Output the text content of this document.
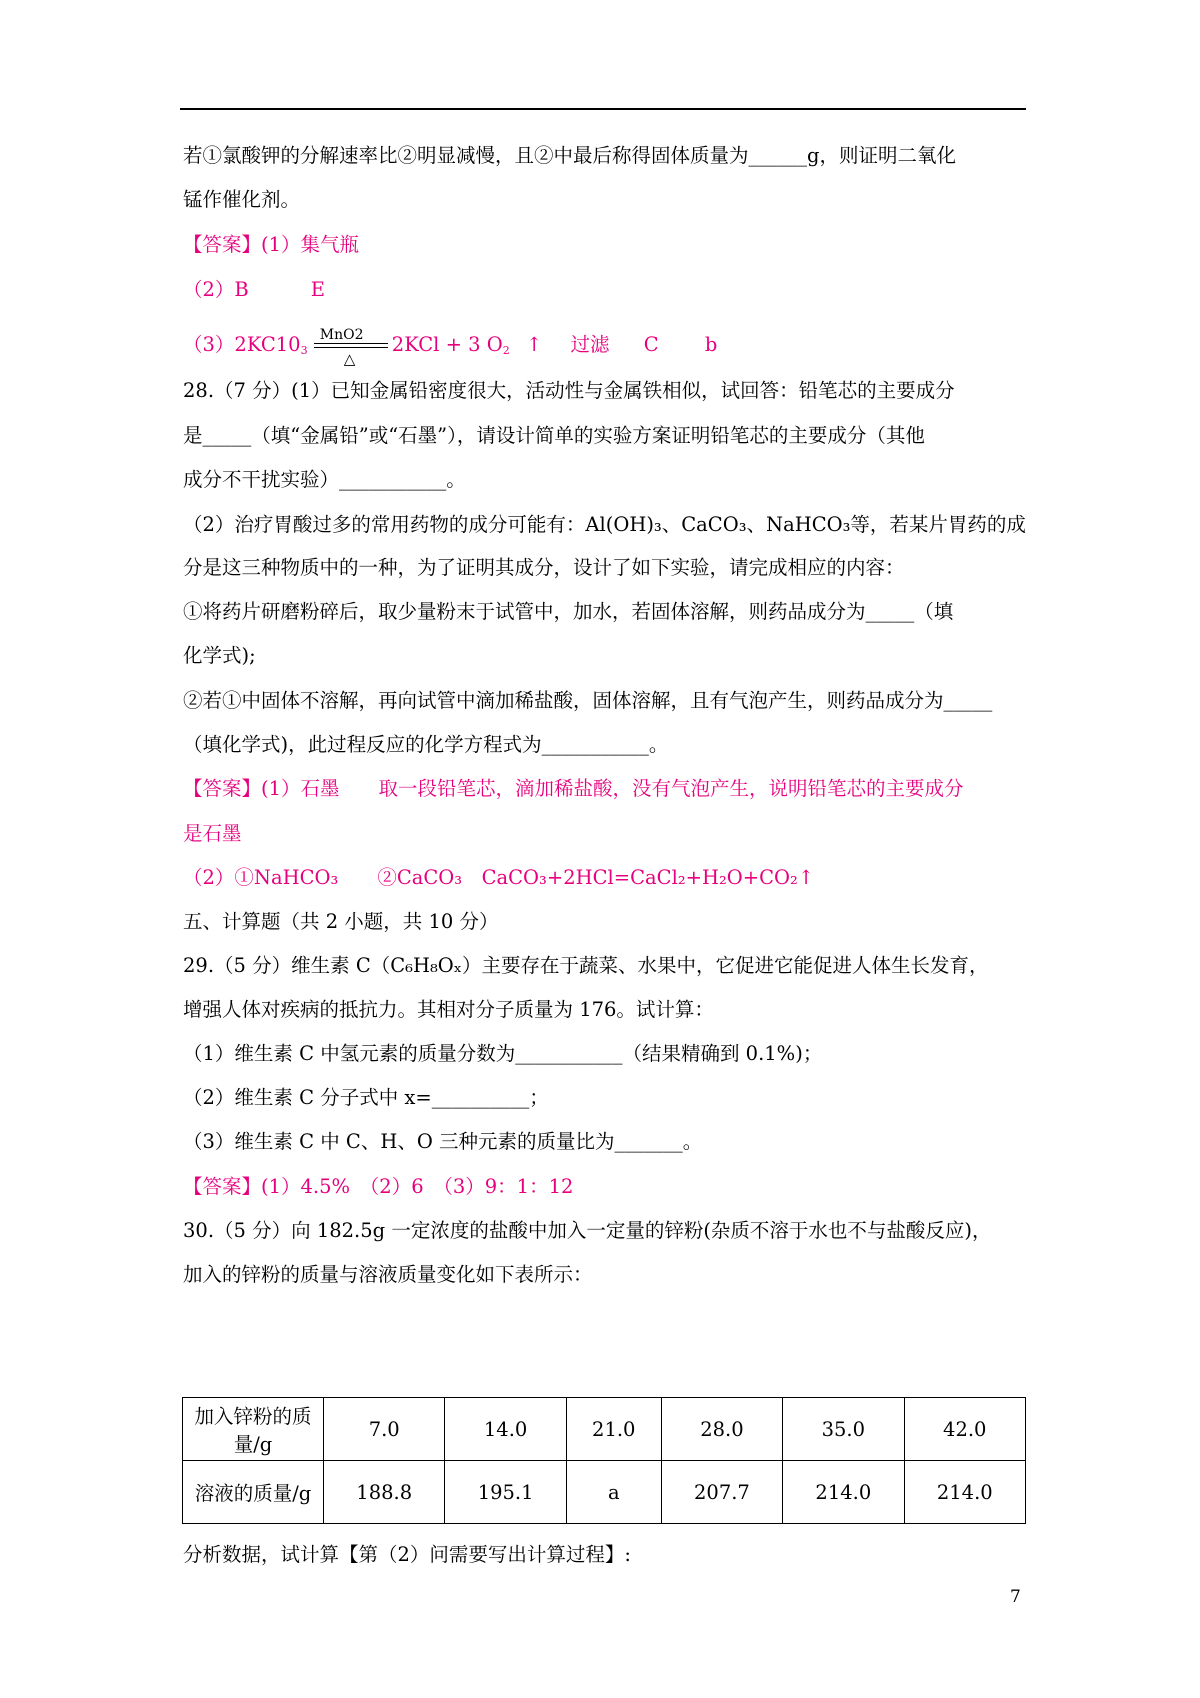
若①氯酸钾的分解速率比②明显减慢，且②中最后称得固体质量为______g，则证明二氧化
锰作催化剂。
【答案】(1）集气瓶
（2）B	E
$(3)2KC10_3$
MnO2
△
2KCl + 3 $O_2$ ↑ 过滤 C b
28.（7 分）(1）已知金属铅密度很大，活动性与金属铁相似，试回答：铅笔芯的主要成分
是_____（填“金属铅”或“石墨”），请设计简单的实验方案证明铅笔芯的主要成分（其他
成分不干扰实验）___________。
（2）治疗胃酸过多的常用药物的成分可能有：Al(OH)₃、CaCO₃、NaHCO₃等，若某片胃药的成
分是这三种物质中的一种，为了证明其成分，设计了如下实验，请完成相应的内容：
①将药片研磨粉碎后，取少量粉末于试管中，加水，若固体溶解，则药品成分为_____（填
化学式);
②若①中固体不溶解，再向试管中滴加稀盐酸，固体溶解，且有气泡产生，则药品成分为_____
（填化学式)，此过程反应的化学方程式为___________。
【答案】(1）石墨　　取一段铅笔芯，滴加稀盐酸，没有气泡产生，说明铅笔芯的主要成分
是石墨
（2）①NaHCO₃　　②CaCO₃　CaCO₃+2HCl=CaCl₂+H₂O+CO₂↑
五、计算题（共 2 小题，共 10 分）
29.（5 分）维生素 C（C₆H₈Oₓ）主要存在于蔬菜、水果中，它促进它能促进人体生长发育，
增强人体对疾病的抵抗力。其相对分子质量为 176。试计算：
（1）维生素 C 中氢元素的质量分数为___________（结果精确到 0.1%)；
（2）维生素 C 分子式中 x=__________；
（3）维生素 C 中 C、H、O 三种元素的质量比为_______。
【答案】(1）4.5%　（2）6　（3）9：1：12
30.（5 分）向 182.5g 一定浓度的盐酸中加入一定量的锌粉(杂质不溶于水也不与盐酸反应)，
加入的锌粉的质量与溶液质量变化如下表所示：
加入锌粉的质量/g	7.0	14.0	21.0	28.0	35.0	42.0
溶液的质量/g	188.8	195.1	a	207.7	214.0	214.0
分析数据，试计算【第（2）问需要写出计算过程】:
7
